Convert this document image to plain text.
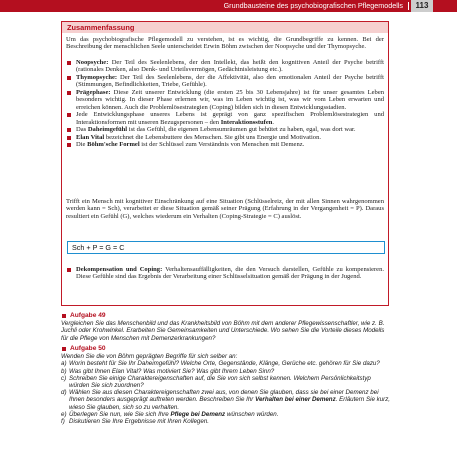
Grundbausteine des psychobiografischen Pflegemodells	113
Zusammenfassung

Um das psychobiografische Pflegemodell zu verstehen, ist es wichtig, die Grundbegriffe zu kennen. Bei der Beschreibung der menschlichen Seele unterscheidet Erwin Böhm zwischen der Noopsyche und der Thymopsyche.

Noopsyche: Der Teil des Seelenlebens, der den Intellekt, das heißt den kognitiven Anteil der Psyche betrifft (rationales Denken, also Denk- und Urteilsvermögen, Gedächtnisleistung etc.).
Thymopsyche: Der Teil des Seelenlebens, der die Affektivität, also den emotionalen Anteil der Psyche betrifft (Stimmungen, Befindlichkeiten, Triebe, Gefühle).
Prägephase: Diese Zeit unserer Entwicklung (die ersten 25 bis 30 Lebensjahre) ist für unser gesamtes Leben besonders wichtig. In dieser Phase erlernen wir, was im Leben wichtig ist, was wir vom Leben erwarten und erreichen können. Auch die Problemlösestrategien (Coping) bilden sich in diesen Entwicklungsstadien.
Jede Entwicklungsphase unseres Lebens ist geprägt von ganz spezifischen Problemlösestrategien und Interaktionsformen mit unseren Bezugspersonen – den Interaktionsstufen.
Das Daheimgefühl ist das Gefühl, die eigenen Lebensumräumen gut behütet zu haben, egal, was dort war.
Elan Vital bezeichnet die Lebensbuttere des Menschen. Sie gibt uns Energie und Motivation.
Die Böhm'sche Formel ist der Schlüssel zum Verständnis von Menschen mit Demenz.

Trifft ein Mensch mit kognitiver Einschränkung auf eine Situation (Schlüsselreiz, der mit allen Sinnen wahrgenommen werden kann = Sch), verarbeitet er diese Situation gemäß seiner Prägung (Erfahrung in der Vergangenheit = P). Daraus resultiert ein Gefühl (G), welches wiederum ein Verhalten (Coping-Strategie = C) auslöst.

Sch + P = G = C
Dekompensation und Coping: Verhaltensauffälligkeiten, die den Versuch darstellen, Gefühle zu kompensieren. Diese Gefühle sind das Ergebnis der Verarbeitung einer Schlüsselsituation gemäß der Prägung in der Jugend.
Aufgabe 49

Vergleichen Sie das Menschenbild und das Krankheitsbild von Böhm mit dem anderer Pflegewissenschaftler, wie z. B. Juchli oder Krohwinkel. Erarbeiten Sie Gemeinsamkeiten und Unterschiede. Wo sehen Sie die Vorteile dieses Modells für die Pflege von Menschen mit Demenzerkrankungen?

Aufgabe 50

Wenden Sie die von Böhm geprägten Begriffe für sich selber an:

a) Worin besteht für Sie Ihr Daheimgefühl? Welche Orte, Gegenstände, Klänge, Gerüche etc. gehören für Sie dazu?
b) Was gibt Ihnen Elan Vital? Was motiviert Sie? Was gibt Ihrem Leben Sinn?
c) Schreiben Sie einige Charaktereigenschaften auf, die Sie von sich selbst kennen. Welchem Persönlichkeitstyp würden Sie sich zuordnen?
d) Wählen Sie aus diesen Charaktereigenschaften zwei aus, von denen Sie glauben, dass sie bei einer Demenz bei Ihnen besonders ausgeprägt auftreten werden. Beschreiben Sie Ihr Verhalten bei einer Demenz. Erläutern Sie kurz, wieso Sie glauben, sich so zu verhalten.
e) Überlegen Sie nun, wie Sie sich Ihre Pflege bei Demenz wünschen würden.
f) Diskutieren Sie Ihre Ergebnisse mit Ihren Kollegen.
